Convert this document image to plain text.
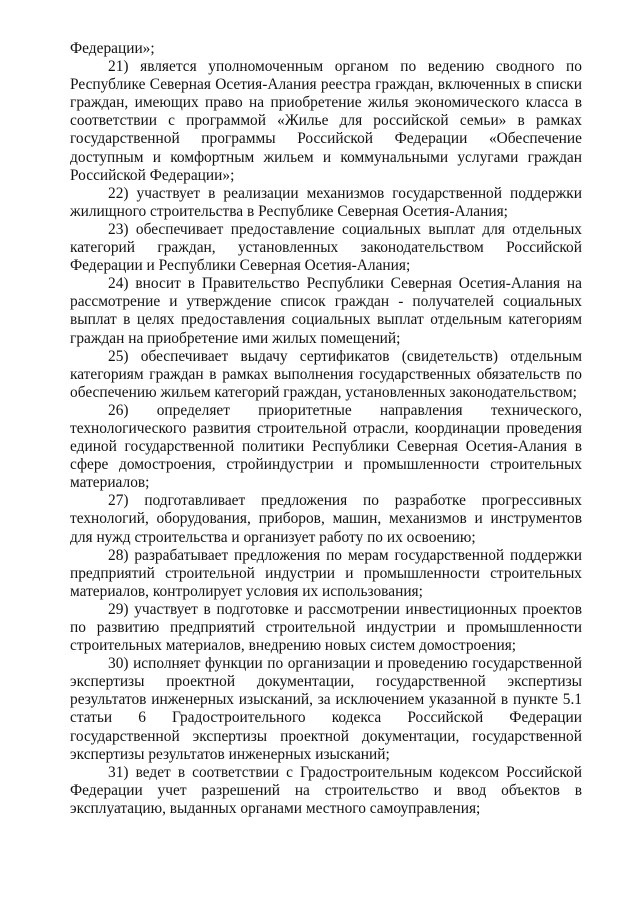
Федерации»;

21) является уполномоченным органом по ведению сводного по Республике Северная Осетия-Алания реестра граждан, включенных в списки граждан, имеющих право на приобретение жилья экономического класса в соответствии с программой «Жилье для российской семьи» в рамках государственной программы Российской Федерации «Обеспечение доступным и комфортным жильем и коммунальными услугами граждан Российской Федерации»;

22) участвует в реализации механизмов государственной поддержки жилищного строительства в Республике Северная Осетия-Алания;

23) обеспечивает предоставление социальных выплат для отдельных категорий граждан, установленных законодательством Российской Федерации и Республики Северная Осетия-Алания;

24) вносит в Правительство Республики Северная Осетия-Алания на рассмотрение и утверждение список граждан - получателей социальных выплат в целях предоставления социальных выплат отдельным категориям граждан на приобретение ими жилых помещений;

25) обеспечивает выдачу сертификатов (свидетельств) отдельным категориям граждан в рамках выполнения государственных обязательств по обеспечению жильем категорий граждан, установленных законодательством;

26) определяет приоритетные направления технического, технологического развития строительной отрасли, координации проведения единой государственной политики Республики Северная Осетия-Алания в сфере домостроения, стройиндустрии и промышленности строительных материалов;

27) подготавливает предложения по разработке прогрессивных технологий, оборудования, приборов, машин, механизмов и инструментов для нужд строительства и организует работу по их освоению;

28) разрабатывает предложения по мерам государственной поддержки предприятий строительной индустрии и промышленности строительных материалов, контролирует условия их использования;

29) участвует в подготовке и рассмотрении инвестиционных проектов по развитию предприятий строительной индустрии и промышленности строительных материалов, внедрению новых систем домостроения;

30) исполняет функции по организации и проведению государственной экспертизы проектной документации, государственной экспертизы результатов инженерных изысканий, за исключением указанной в пункте 5.1 статьи 6 Градостроительного кодекса Российской Федерации государственной экспертизы проектной документации, государственной экспертизы результатов инженерных изысканий;

31) ведет в соответствии с Градостроительным кодексом Российской Федерации учет разрешений на строительство и ввод объектов в эксплуатацию, выданных органами местного самоуправления;
